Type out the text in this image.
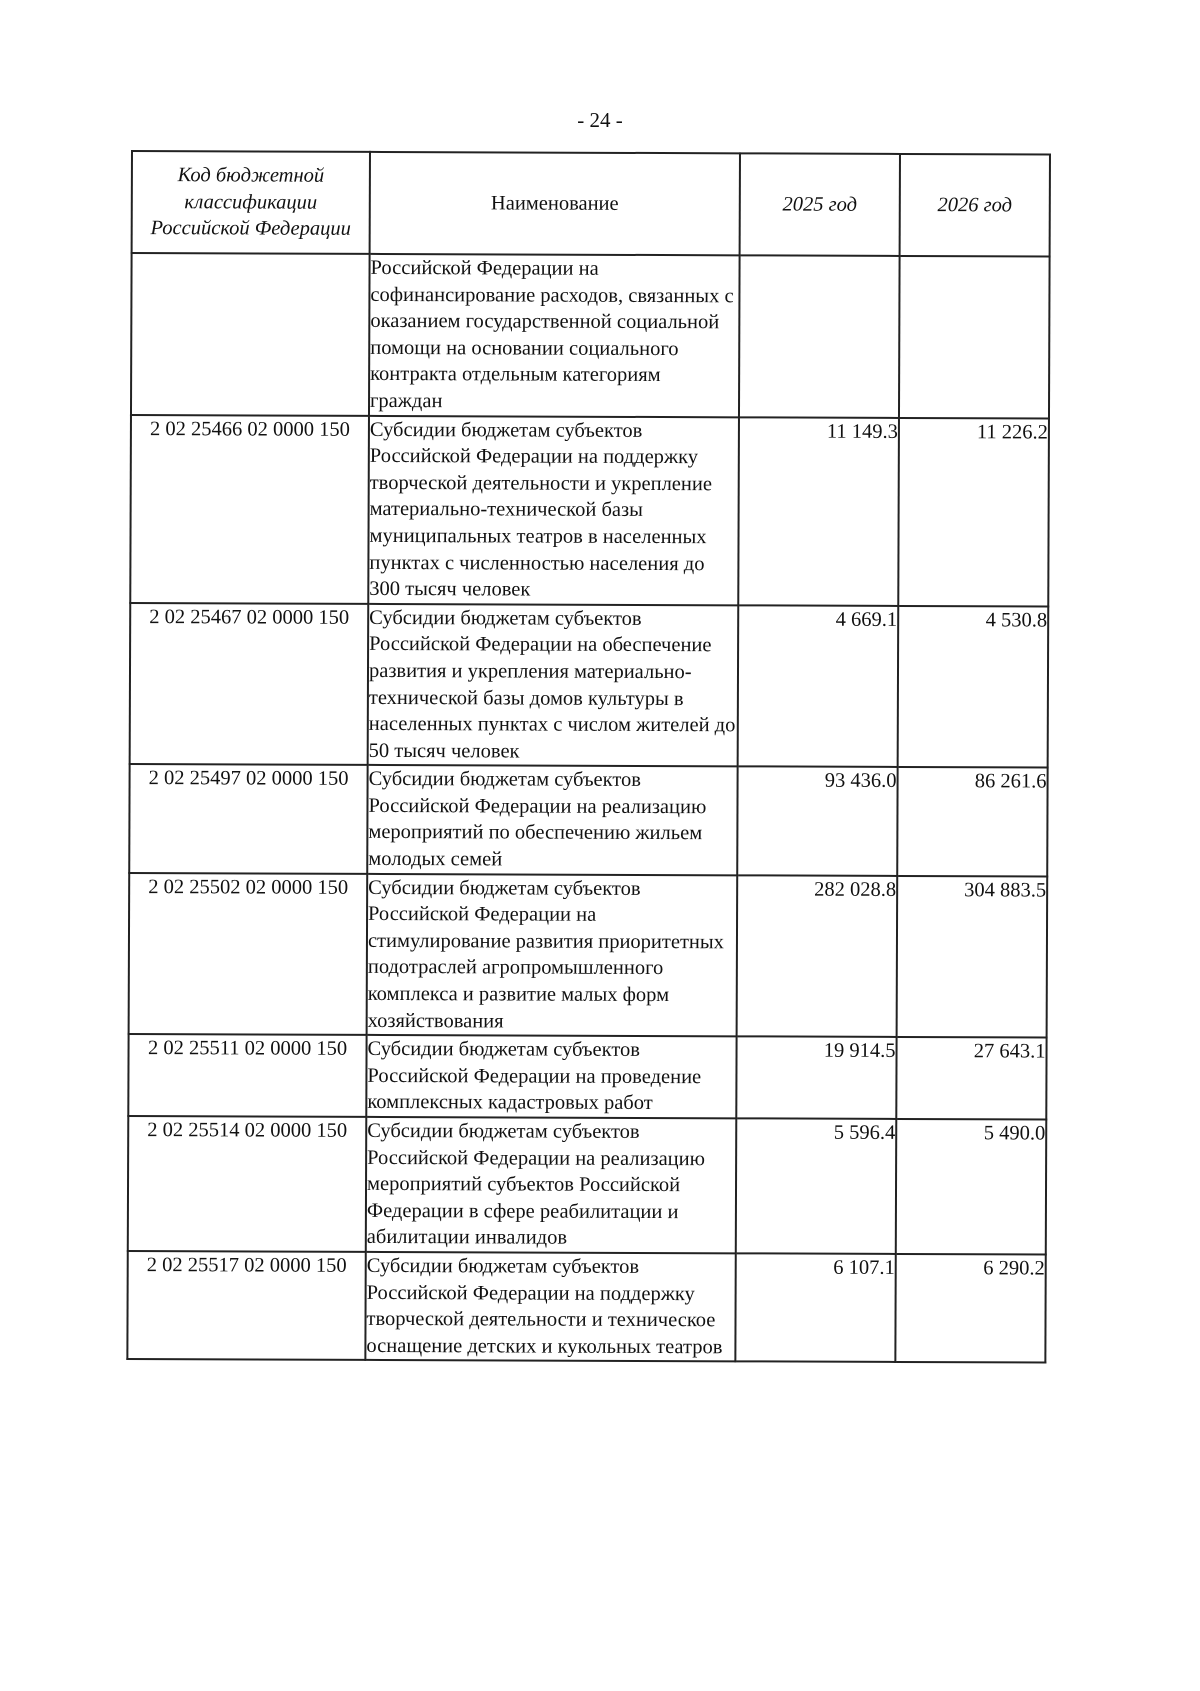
- 24 -
Код бюджетной классификации Российской Федерации	Наименование	2025 год	2026 год
	Российской Федерации на софинансирование расходов, связанных с оказанием государственной социальной помощи на основании социального контракта отдельным категориям граждан		
2 02 25466 02 0000 150	Субсидии бюджетам субъектов Российской Федерации на поддержку творческой деятельности и укрепление материально-технической базы муниципальных театров в населенных пунктах с численностью населения до 300 тысяч человек	11 149.3	11 226.2
2 02 25467 02 0000 150	Субсидии бюджетам субъектов Российской Федерации на обеспечение развития и укрепления материально-технической базы домов культуры в населенных пунктах с числом жителей до 50 тысяч человек	4 669.1	4 530.8
2 02 25497 02 0000 150	Субсидии бюджетам субъектов Российской Федерации на реализацию мероприятий по обеспечению жильем молодых семей	93 436.0	86 261.6
2 02 25502 02 0000 150	Субсидии бюджетам субъектов Российской Федерации на стимулирование развития приоритетных подотраслей агропромышленного комплекса и развитие малых форм хозяйствования	282 028.8	304 883.5
2 02 25511 02 0000 150	Субсидии бюджетам субъектов Российской Федерации на проведение комплексных кадастровых работ	19 914.5	27 643.1
2 02 25514 02 0000 150	Субсидии бюджетам субъектов Российской Федерации на реализацию мероприятий субъектов Российской Федерации в сфере реабилитации и абилитации инвалидов	5 596.4	5 490.0
2 02 25517 02 0000 150	Субсидии бюджетам субъектов Российской Федерации на поддержку творческой деятельности и техническое оснащение детских и кукольных театров	6 107.1	6 290.2
